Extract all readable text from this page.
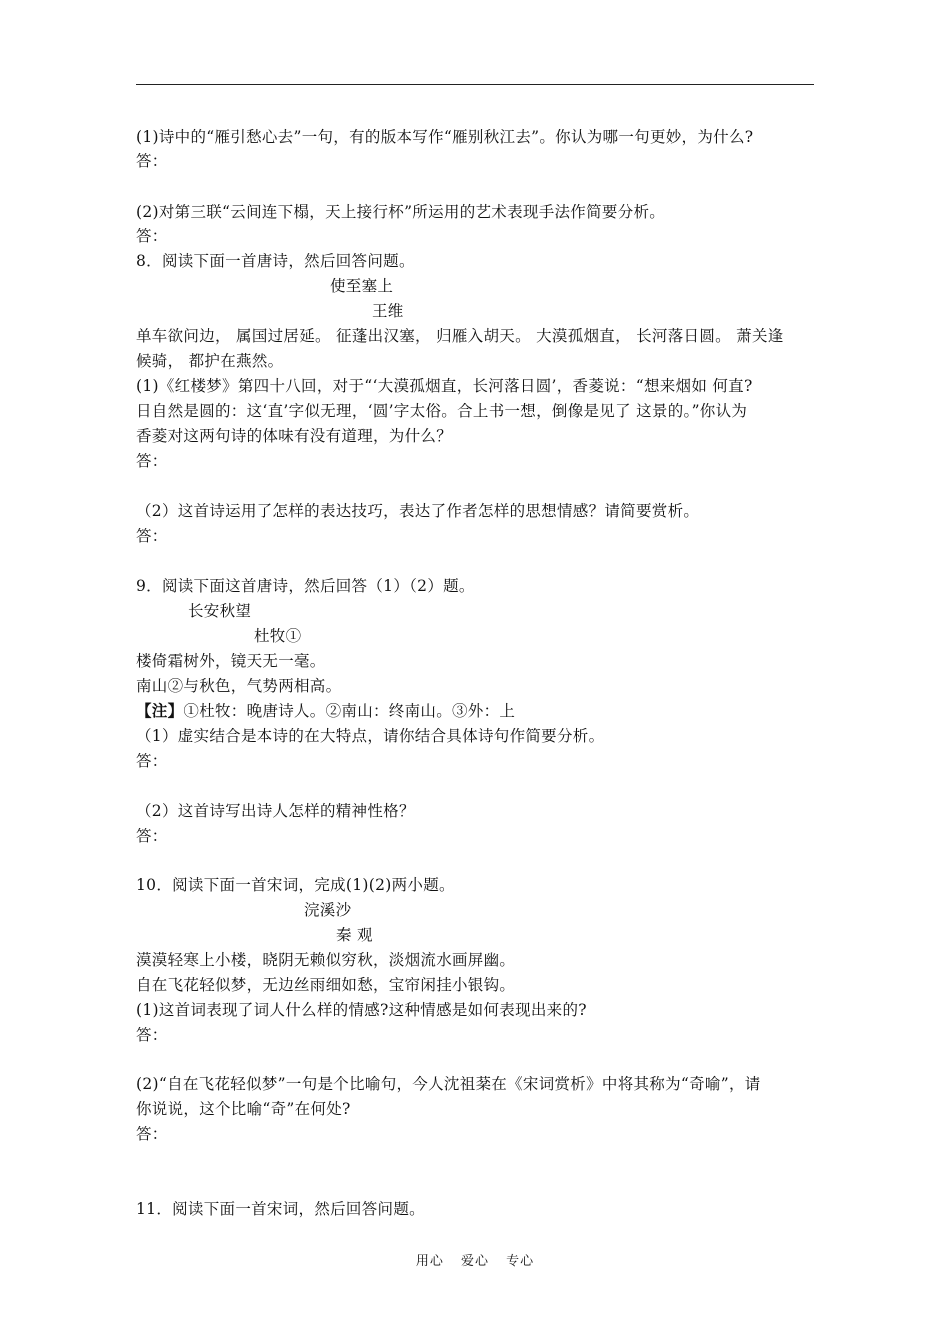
(1)诗中的“雁引愁心去”一句，有的版本写作“雁别秋江去”。你认为哪一句更妙，为什么?
答：
(2)对第三联“云间连下榻，天上接行杯”所运用的艺术表现手法作简要分析。
答：
8．阅读下面一首唐诗，然后回答问题。
使至塞上
王维
单车欲问边， 属国过居延。 征蓬出汉塞， 归雁入胡天。 大漠孤烟直， 长河落日圆。 萧关逢
候骑， 都护在燕然。
(1)《红楼梦》第四十八回，对于“‘大漠孤烟直，长河落日圆’，香菱说：“想来烟如 何直?
日自然是圆的：这‘直’字似无理，‘圆’字太俗。合上书一想，倒像是见了 这景的。”你认为
香菱对这两句诗的体味有没有道理，为什么？
答：
（2）这首诗运用了怎样的表达技巧，表达了作者怎样的思想情感？请简要赏析。
答：
9．阅读下面这首唐诗，然后回答（1）（2）题。
长安秋望
杜牧①
楼倚霜树外，镜天无一毫。
南山②与秋色，气势两相高。
【注】①杜牧：晚唐诗人。②南山：终南山。③外：上
（1）虚实结合是本诗的在大特点，请你结合具体诗句作简要分析。
答：
（2）这首诗写出诗人怎样的精神性格？
答：
10．阅读下面一首宋词，完成(1)(2)两小题。
浣溪沙
秦 观
漠漠轻寒上小楼，晓阴无赖似穷秋，淡烟流水画屏幽。
自在飞花轻似梦，无边丝雨细如愁，宝帘闲挂小银钩。
(1)这首词表现了词人什么样的情感?这种情感是如何表现出来的?
答：
(2)“自在飞花轻似梦”一句是个比喻句，今人沈祖棻在《宋词赏析》中将其称为“奇喻”，请
你说说，这个比喻“奇”在何处?
答：
11．阅读下面一首宋词，然后回答问题。
用心 爱心 专心
